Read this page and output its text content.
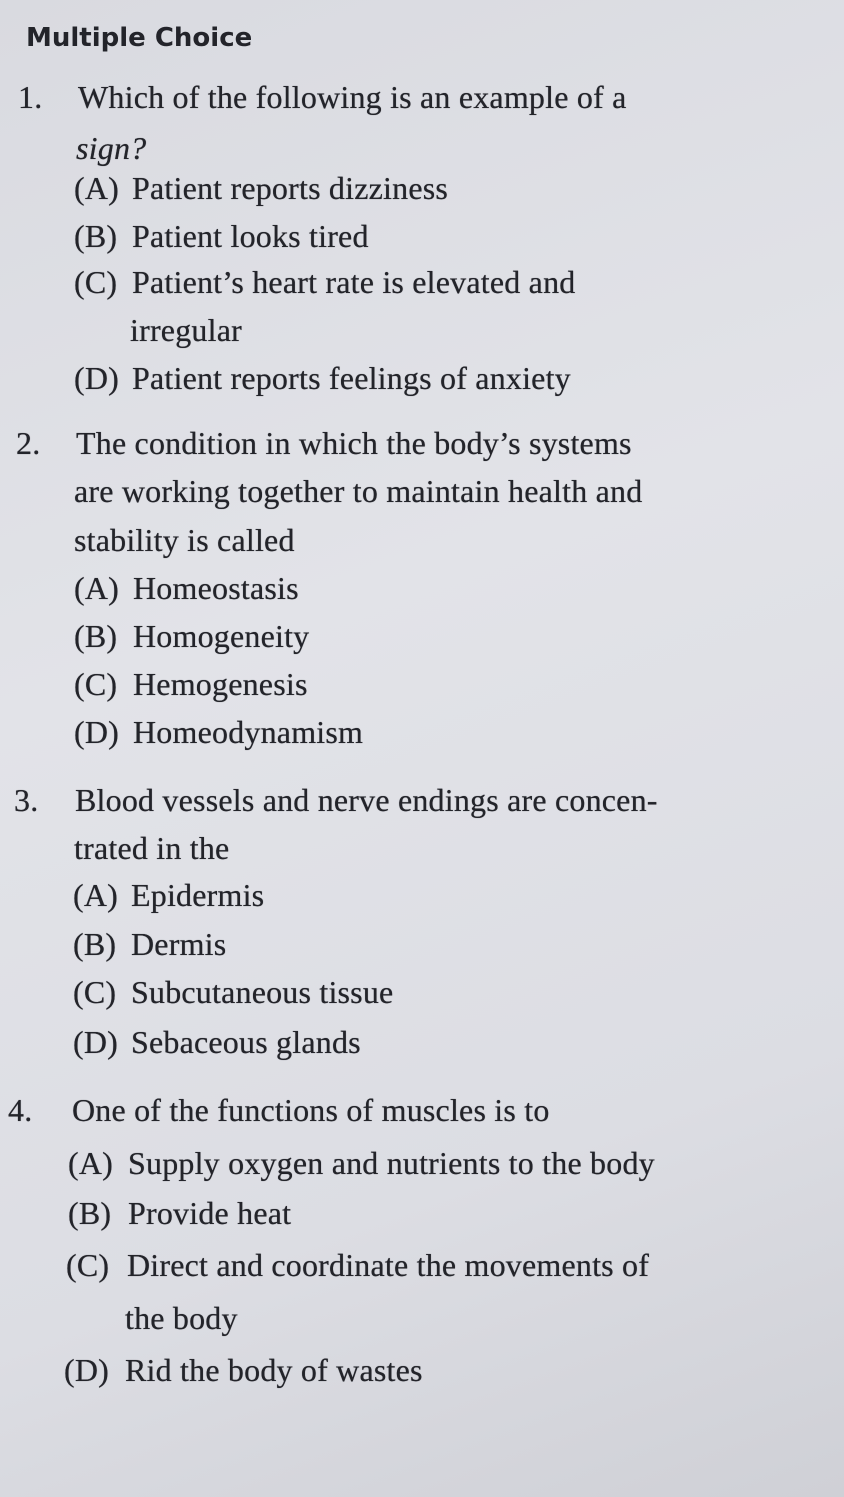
Multiple Choice
1. Which of the following is an example of a
sign?
(A) Patient reports dizziness
(B) Patient looks tired
(C) Patient’s heart rate is elevated and
irregular
(D) Patient reports feelings of anxiety
2. The condition in which the body’s systems
are working together to maintain health and
stability is called
(A) Homeostasis
(B) Homogeneity
(C) Hemogenesis
(D) Homeodynamism
3. Blood vessels and nerve endings are concen-
trated in the
(A) Epidermis
(B) Dermis
(C) Subcutaneous tissue
(D) Sebaceous glands
4. One of the functions of muscles is to
(A) Supply oxygen and nutrients to the body
(B) Provide heat
(C) Direct and coordinate the movements of
the body
(D) Rid the body of wastes
